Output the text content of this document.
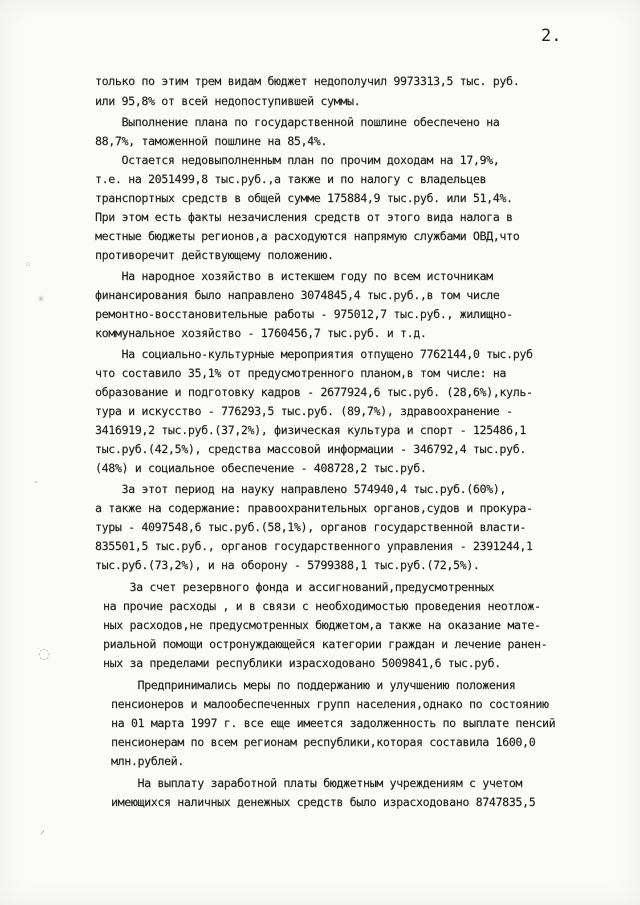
2.
только по этим трем видам бюджет недополучил 9973313,5 тыс. руб.
или 95,8% от всей недопоступившей суммы.
Выполнение плана по государственной пошлине обеспечено на
88,7%, таможенной пошлине на 85,4%.
Остается недовыполненным план по прочим доходам на 17,9%,
т.е. на 2051499,8 тыс.руб.,а также и по налогу с владельцев
транспортных средств в общей сумме 175884,9 тыс.руб. или 51,4%.
При этом есть факты незачисления средств от этого вида налога в
местные бюджеты регионов,а расходуются напрямую службами ОВД,что
противоречит действующему положению.
На народное хозяйство в истекшем году по всем источникам
финансирования было направлено 3074845,4 тыс.руб.,в том числе
ремонтно-восстановительные работы - 975012,7 тыс.руб., жилищно-
коммунальное хозяйство - 1760456,7 тыс.руб. и т.д.
На социально-культурные мероприятия отпущено 7762144,0 тыс.руб
что составило 35,1% от предусмотренного планом,в том числе: на
образование и подготовку кадров - 2677924,6 тыс.руб. (28,6%),куль-
тура и искусство - 776293,5 тыс.руб. (89,7%), здравоохранение -
3416919,2 тыс.руб.(37,2%), физическая культура и спорт - 125486,1
тыс.руб.(42,5%), средства массовой информации - 346792,4 тыс.руб.
(48%) и социальное обеспечение - 408728,2 тыс.руб.
За этот период на науку направлено 574940,4 тыс.руб.(60%),
а также на содержание: правоохранительных органов,судов и прокура-
туры - 4097548,6 тыс.руб.(58,1%), органов государственной власти-
835501,5 тыс.руб., органов государственного управления - 2391244,1
тыс.руб.(73,2%), и на оборону - 5799388,1 тыс.руб.(72,5%).
За счет резервного фонда и ассигнований,предусмотренных
на прочие расходы , и в связи с необходимостью проведения неотлож-
ных расходов,не предусмотренных бюджетом,а также на оказание мате-
риальной помощи остронуждающейся категории граждан и лечение ранен-
ных за пределами республики израсходовано 5009841,6 тыс.руб.
Предпринимались меры по поддержанию и улучшению положения
пенсионеров и малообеспеченных групп населения,однако по состоянию
на 01 марта 1997 г. все еще имеется задолженность по выплате пенсий
пенсионерам по всем регионам республики,которая составила 1600,0
млн.рублей.
На выплату заработной платы бюджетным учреждениям с учетом
имеющихся наличных денежных средств было израсходовано 8747835,5
◦
⁎
·
◌
ᐟ
